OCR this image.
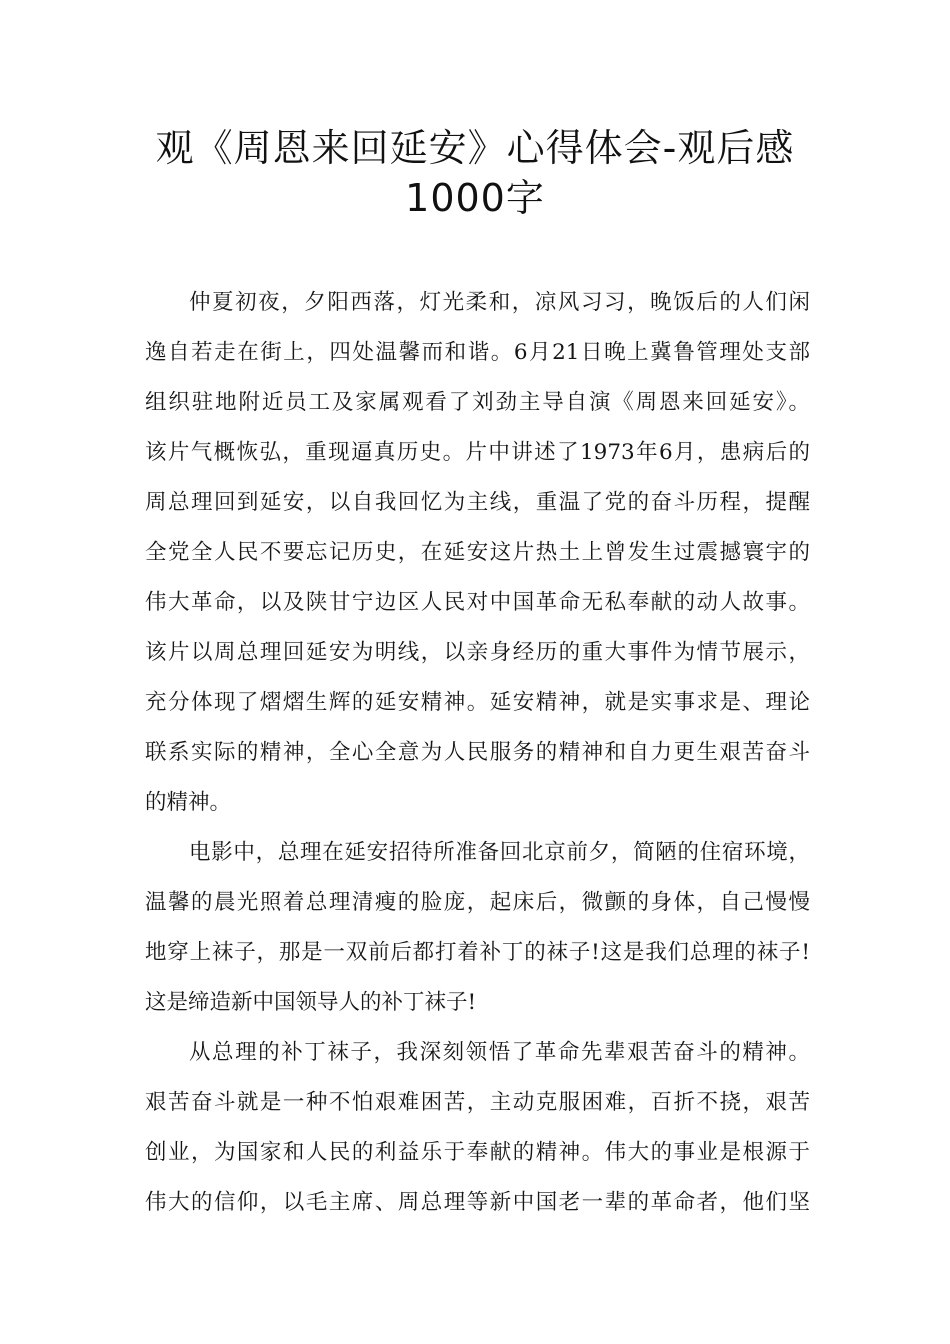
观《周恩来回延安》心得体会-观后感
1000字
仲夏初夜，夕阳西落，灯光柔和，凉风习习，晚饭后的人们闲
逸自若走在街上，四处温馨而和谐。6月21日晚上冀鲁管理处支部
组织驻地附近员工及家属观看了刘劲主导自演《周恩来回延安》。
该片气概恢弘，重现逼真历史。片中讲述了1973年6月，患病后的
周总理回到延安，以自我回忆为主线，重温了党的奋斗历程，提醒
全党全人民不要忘记历史，在延安这片热土上曾发生过震撼寰宇的
伟大革命，以及陕甘宁边区人民对中国革命无私奉献的动人故事。
该片以周总理回延安为明线，以亲身经历的重大事件为情节展示，
充分体现了熠熠生辉的延安精神。延安精神，就是实事求是、理论
联系实际的精神，全心全意为人民服务的精神和自力更生艰苦奋斗
的精神。
电影中，总理在延安招待所准备回北京前夕，简陋的住宿环境，
温馨的晨光照着总理清瘦的脸庞，起床后，微颤的身体，自己慢慢
地穿上袜子，那是一双前后都打着补丁的袜子!这是我们总理的袜子!
这是缔造新中国领导人的补丁袜子!
从总理的补丁袜子，我深刻领悟了革命先辈艰苦奋斗的精神。
艰苦奋斗就是一种不怕艰难困苦，主动克服困难，百折不挠，艰苦
创业，为国家和人民的利益乐于奉献的精神。伟大的事业是根源于
伟大的信仰，以毛主席、周总理等新中国老一辈的革命者，他们坚
